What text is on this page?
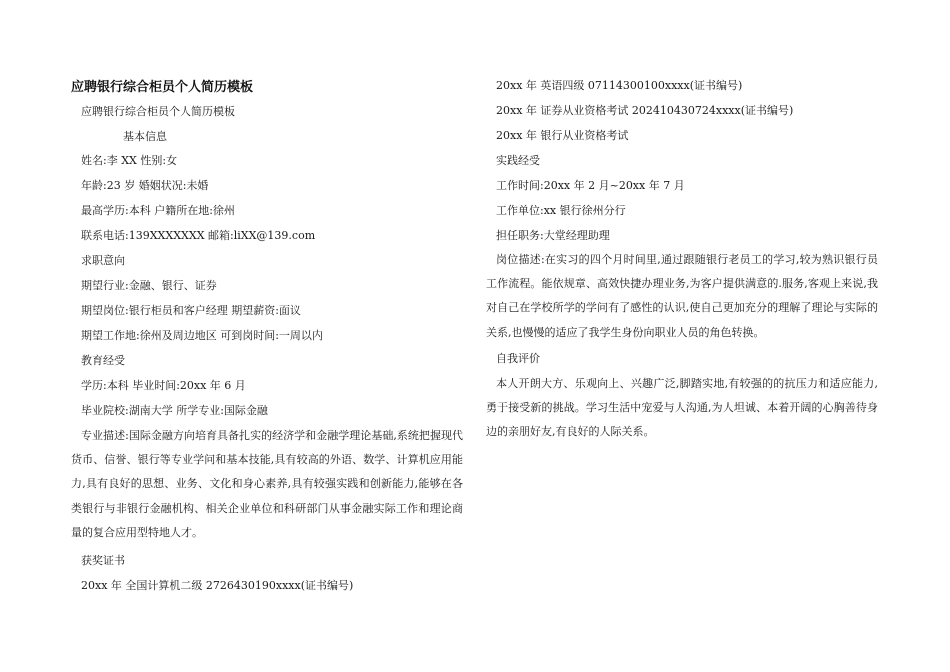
应聘银行综合柜员个人简历模板
应聘银行综合柜员个人简历模板
基本信息
姓名:李 XX 性别:女
年龄:23 岁 婚姻状况:未婚
最高学历:本科 户籍所在地:徐州
联系电话:139XXXXXXX 邮箱:liXX@139.com
求职意向
期望行业:金融、银行、证券
期望岗位:银行柜员和客户经理 期望薪资:面议
期望工作地:徐州及周边地区 可到岗时间:一周以内
教育经受
学历:本科 毕业时间:20xx 年 6 月
毕业院校:湖南大学 所学专业:国际金融
专业描述:国际金融方向培育具备扎实的经济学和金融学理论基础,系统把握现代货币、信誉、银行等专业学问和基本技能,具有较高的外语、数学、计算机应用能力,具有良好的思想、业务、文化和身心素养,具有较强实践和创新能力,能够在各类银行与非银行金融机构、相关企业单位和科研部门从事金融实际工作和理论商量的复合应用型特地人才。
获奖证书
20xx 年 全国计算机二级 2726430190xxxx(证书编号)
20xx 年 英语四级 07114300100xxxx(证书编号)
20xx 年 证券从业资格考试 202410430724xxxx(证书编号)
20xx 年 银行从业资格考试
实践经受
工作时间:20xx 年 2 月~20xx 年 7 月
工作单位:xx 银行徐州分行
担任职务:大堂经理助理
岗位描述:在实习的四个月时间里,通过跟随银行老员工的学习,较为熟识银行员工作流程。能依规章、高效快捷办理业务,为客户提供满意的.服务,客观上来说,我对自己在学校所学的学问有了感性的认识,使自己更加充分的理解了理论与实际的关系,也慢慢的适应了我学生身份向职业人员的角色转换。
自我评价
本人开朗大方、乐观向上、兴趣广泛,脚踏实地,有较强的的抗压力和适应能力,勇于接受新的挑战。学习生活中宠爱与人沟通,为人坦诚、本着开阔的心胸善待身边的亲朋好友,有良好的人际关系。
